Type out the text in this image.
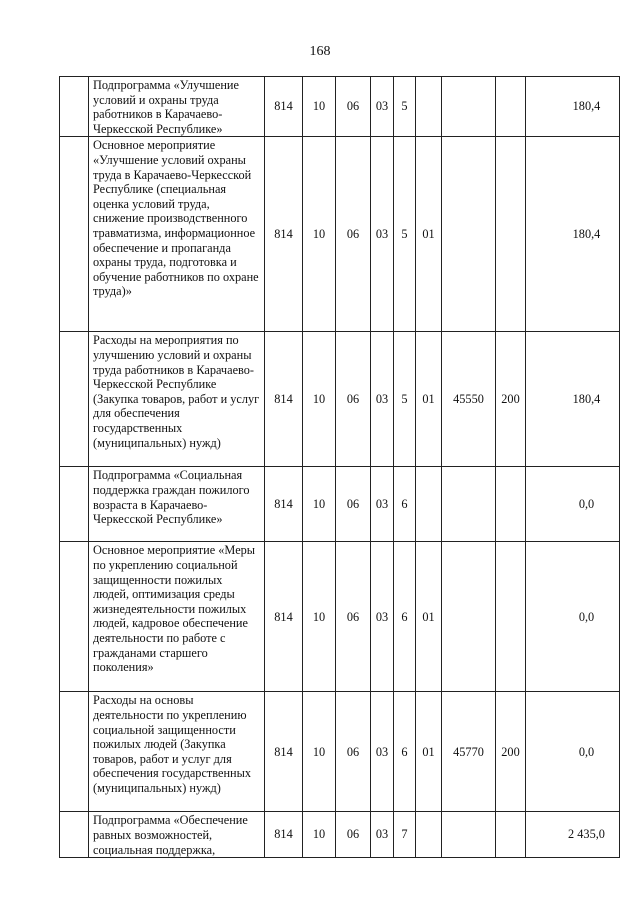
168
	Подпрограмма «Улучшение условий и охраны труда работников в Карачаево-Черкесской Республике»	814	10	06	03	5				180,4
	Основное мероприятие «Улучшение условий охраны труда в Карачаево-Черкесской Республике (специальная оценка условий труда, снижение производственного травматизма, информационное обеспечение и пропаганда охраны труда, подготовка и обучение работников по охране труда)»	814	10	06	03	5	01			180,4
	Расходы на мероприятия по улучшению условий и охраны труда работников в Карачаево-Черкесской Республике (Закупка товаров, работ и услуг для обеспечения государственных (муниципальных) нужд)	814	10	06	03	5	01	45550	200	180,4
	Подпрограмма «Социальная поддержка граждан пожилого возраста в Карачаево-Черкесской Республике»	814	10	06	03	6				0,0
	Основное мероприятие «Меры по укреплению социальной защищенности пожилых людей, оптимизация среды жизнедеятельности пожилых людей, кадровое обеспечение деятельности по работе с гражданами старшего поколения»	814	10	06	03	6	01			0,0
	Расходы на основы деятельности по укреплению социальной защищенности пожилых людей (Закупка товаров, работ и услуг для обеспечения государственных (муниципальных) нужд)	814	10	06	03	6	01	45770	200	0,0
	Подпрограмма «Обеспечение равных возможностей, социальная поддержка,	814	10	06	03	7				2 435,0
